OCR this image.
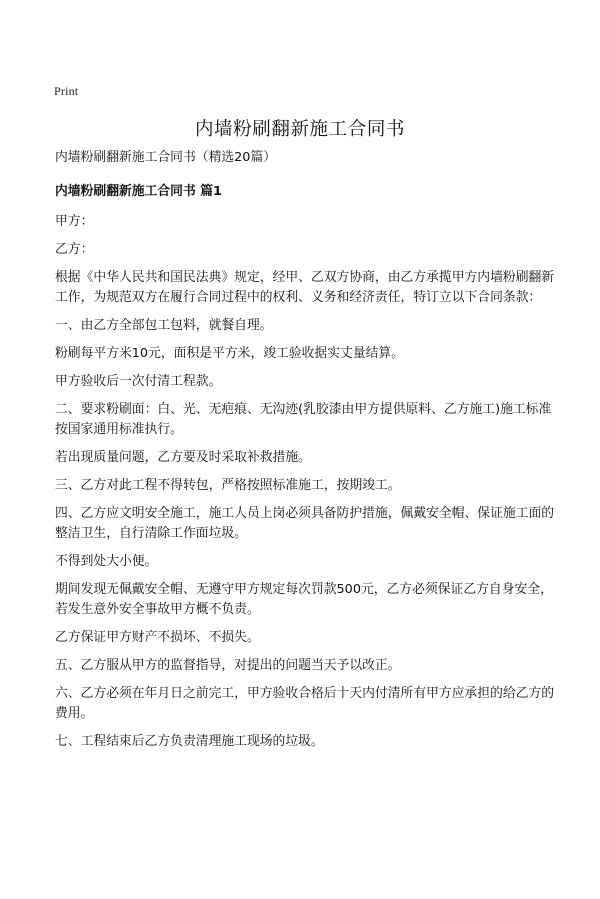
Print
内墙粉刷翻新施工合同书

内墙粉刷翻新施工合同书（精选20篇）

内墙粉刷翻新施工合同书 篇1

甲方：

乙方：

根据《中华人民共和国民法典》规定，经甲、乙双方协商，由乙方承揽甲方内墙粉刷翻新工作，为规范双方在履行合同过程中的权利、义务和经济责任，特订立以下合同条款：

一、由乙方全部包工包料，就餐自理。

粉刷每平方米10元，面积是平方米，竣工验收据实丈量结算。

甲方验收后一次付清工程款。

二、要求粉刷面：白、光、无疤痕、无沟迹(乳胶漆由甲方提供原料、乙方施工)施工标准按国家通用标准执行。

若出现质量问题，乙方要及时采取补救措施。

三、乙方对此工程不得转包，严格按照标准施工，按期竣工。

四、乙方应文明安全施工，施工人员上岗必须具备防护措施，佩戴安全帽、保证施工面的整洁卫生，自行清除工作面垃圾。

不得到处大小便。

期间发现无佩戴安全帽、无遵守甲方规定每次罚款500元，乙方必须保证乙方自身安全，若发生意外安全事故甲方概不负责。

乙方保证甲方财产不损坏、不损失。

五、乙方服从甲方的监督指导，对提出的问题当天予以改正。

六、乙方必须在年月日之前完工，甲方验收合格后十天内付清所有甲方应承担的给乙方的费用。

七、工程结束后乙方负责清理施工现场的垃圾。
